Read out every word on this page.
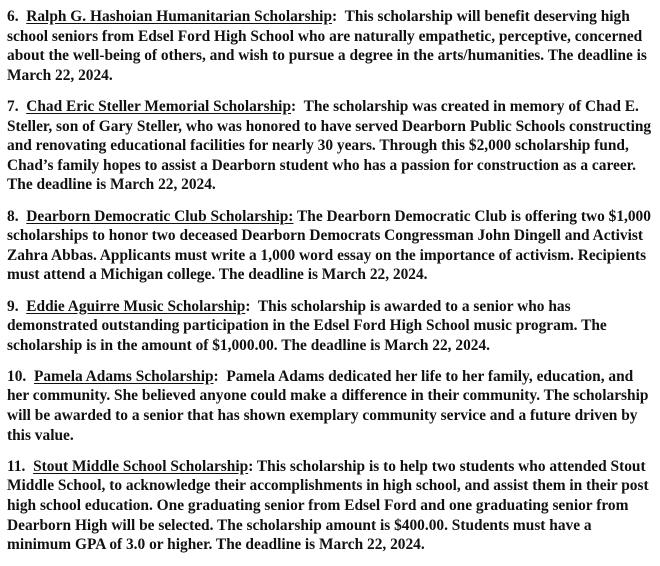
6. Ralph G. Hashoian Humanitarian Scholarship: This scholarship will benefit deserving high school seniors from Edsel Ford High School who are naturally empathetic, perceptive, concerned about the well-being of others, and wish to pursue a degree in the arts/humanities. The deadline is March 22, 2024.

7. Chad Eric Steller Memorial Scholarship: The scholarship was created in memory of Chad E. Steller, son of Gary Steller, who was honored to have served Dearborn Public Schools constructing and renovating educational facilities for nearly 30 years. Through this $2,000 scholarship fund, Chad’s family hopes to assist a Dearborn student who has a passion for construction as a career. The deadline is March 22, 2024.

8. Dearborn Democratic Club Scholarship: The Dearborn Democratic Club is offering two $1,000 scholarships to honor two deceased Dearborn Democrats Congressman John Dingell and Activist Zahra Abbas. Applicants must write a 1,000 word essay on the importance of activism. Recipients must attend a Michigan college. The deadline is March 22, 2024.

9. Eddie Aguirre Music Scholarship: This scholarship is awarded to a senior who has demonstrated outstanding participation in the Edsel Ford High School music program. The scholarship is in the amount of $1,000.00. The deadline is March 22, 2024.

10. Pamela Adams Scholarship: Pamela Adams dedicated her life to her family, education, and her community. She believed anyone could make a difference in their community. The scholarship will be awarded to a senior that has shown exemplary community service and a future driven by this value.

11. Stout Middle School Scholarship: This scholarship is to help two students who attended Stout Middle School, to acknowledge their accomplishments in high school, and assist them in their post high school education. One graduating senior from Edsel Ford and one graduating senior from Dearborn High will be selected. The scholarship amount is $400.00. Students must have a minimum GPA of 3.0 or higher. The deadline is March 22, 2024.
